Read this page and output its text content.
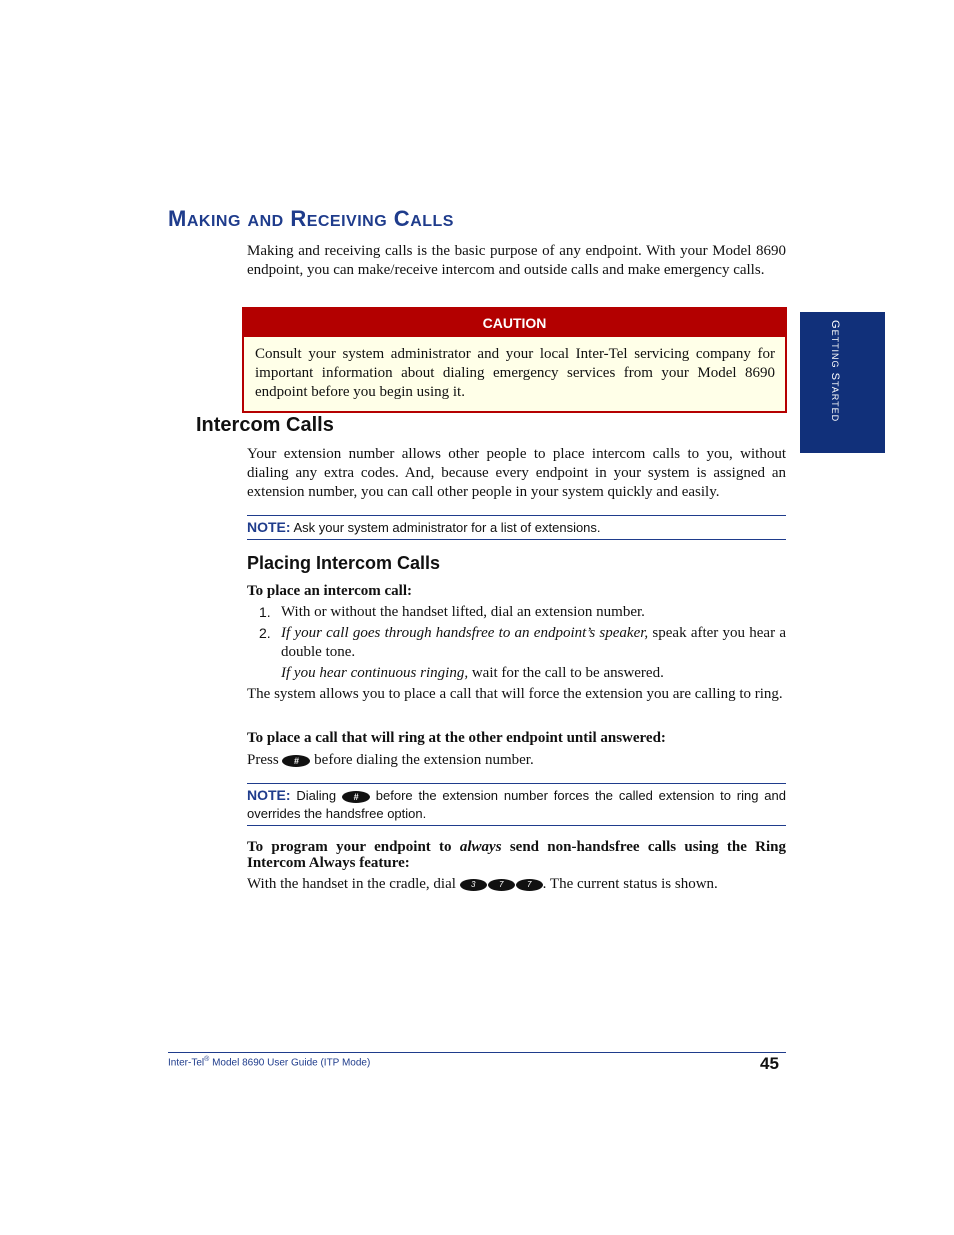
MAKING AND RECEIVING CALLS

Making and receiving calls is the basic purpose of any endpoint. With your Model 8690 endpoint, you can make/receive intercom and outside calls and make emergency calls.

CAUTION

Consult your system administrator and your local Inter-Tel servicing company for important information about dialing emergency services from your Model 8690 endpoint before you begin using it.

GETTING STARTED
Intercom Calls

Your extension number allows other people to place intercom calls to you, without dialing any extra codes. And, because every endpoint in your system is assigned an extension number, you can call other people in your system quickly and easily.

NOTE: Ask your system administrator for a list of extensions.
Placing Intercom Calls
To place an intercom call:
1. With or without the handset lifted, dial an extension number.
2. If your call goes through handsfree to an endpoint’s speaker, speak after you hear a double tone.

If you hear continuous ringing, wait for the call to be answered.

The system allows you to place a call that will force the extension you are calling to ring.

To place a call that will ring at the other endpoint until answered:

Press # before dialing the extension number.

NOTE: Dialing # before the extension number forces the called extension to ring and overrides the handsfree option.

To program your endpoint to always send non-handsfree calls using the Ring Intercom Always feature:

With the handset in the cradle, dial 3	7	7 . The current status is shown.

Inter-Tel® Model 8690 User Guide (ITP Mode)	45
